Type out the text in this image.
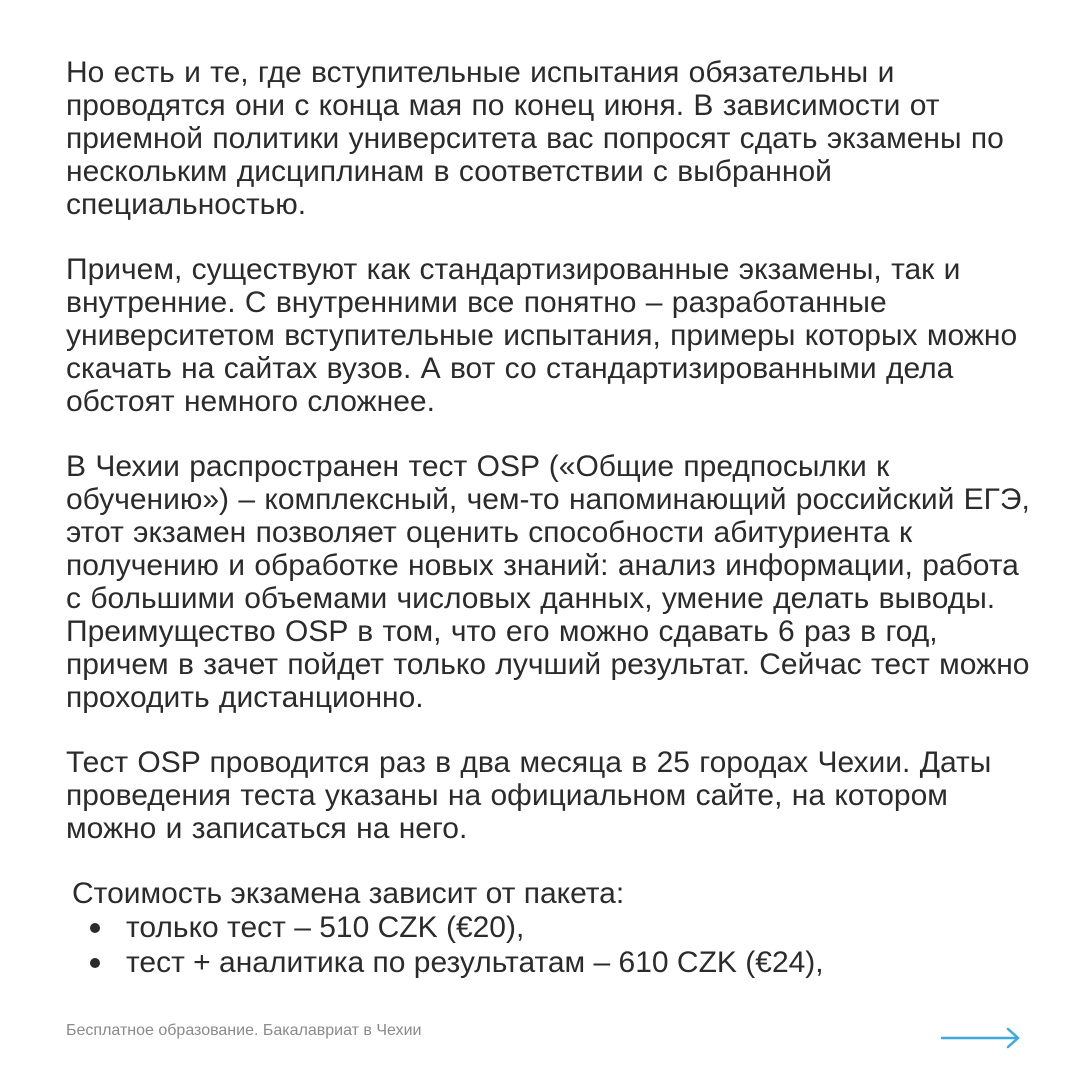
Но есть и те, где вступительные испытания обязательны и проводятся они с конца мая по конец июня. В зависимости от приемной политики университета вас попросят сдать экзамены по нескольким дисциплинам в соответствии с выбранной специальностью.

Причем, существуют как стандартизированные экзамены, так и внутренние. С внутренними все понятно – разработанные университетом вступительные испытания, примеры которых можно скачать на сайтах вузов. А вот со стандартизированными дела обстоят немного сложнее.

В Чехии распространен тест OSP («Общие предпосылки к обучению») – комплексный, чем-то напоминающий российский ЕГЭ, этот экзамен позволяет оценить способности абитуриента к получению и обработке новых знаний: анализ информации, работа с большими объемами числовых данных, умение делать выводы. Преимущество OSP в том, что его можно сдавать 6 раз в год, причем в зачет пойдет только лучший результат. Сейчас тест можно проходить дистанционно.

Тест OSP проводится раз в два месяца в 25 городах Чехии. Даты проведения теста указаны на официальном сайте, на котором можно и записаться на него.

Стоимость экзамена зависит от пакета:

только тест – 510 CZK (€20),
тест + аналитика по результатам – 610 CZK (€24),
Бесплатное образование. Бакалавриат в Чехии
